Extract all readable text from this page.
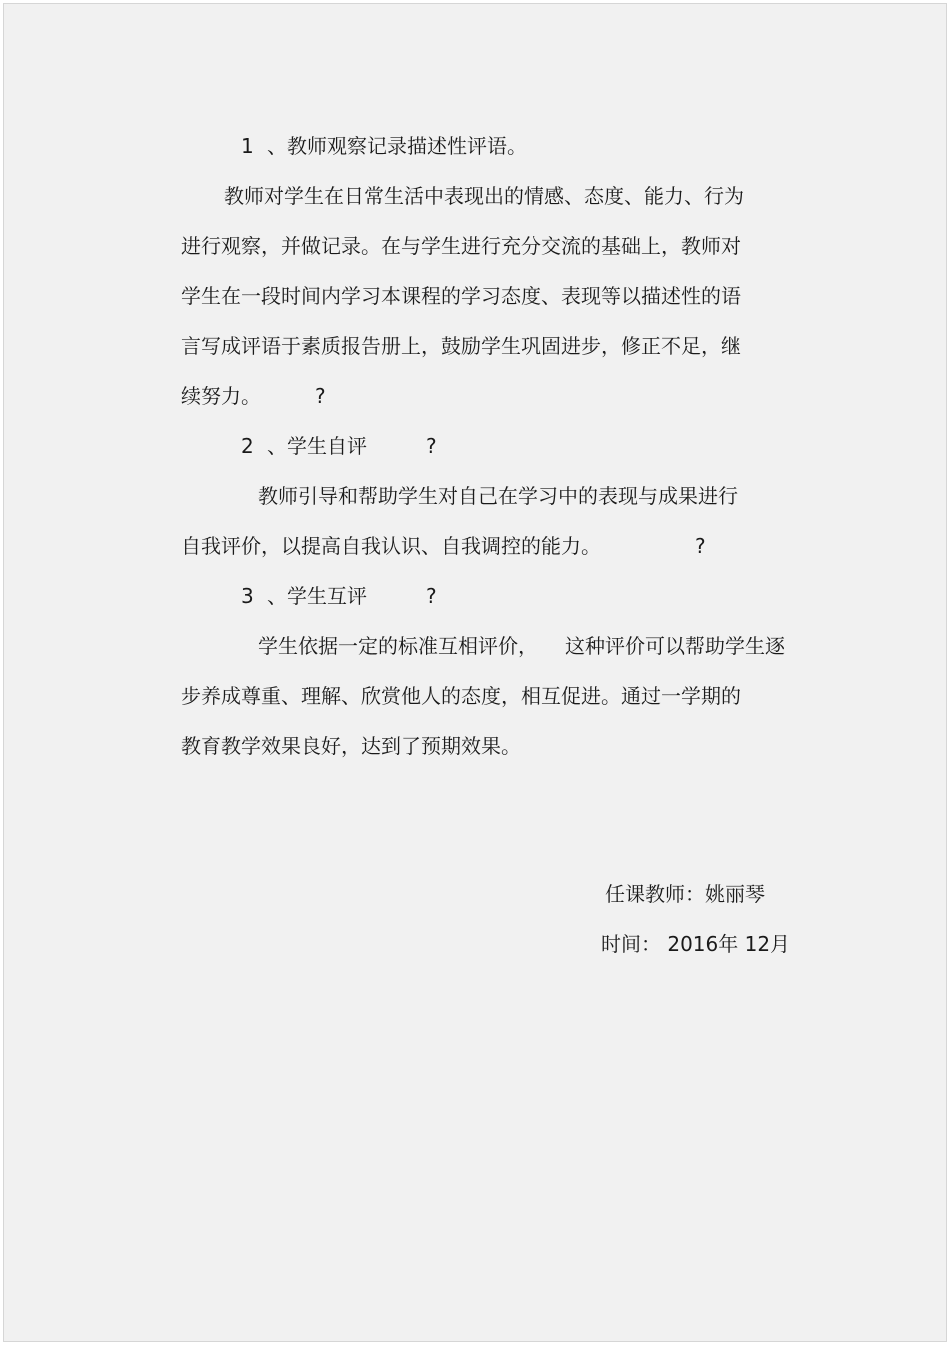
1 、教师观察记录描述性评语。
教师对学生在日常生活中表现出的情感、态度、能力、行为
进行观察，并做记录。在与学生进行充分交流的基础上，教师对
学生在一段时间内学习本课程的学习态度、表现等以描述性的语
言写成评语于素质报告册上，鼓励学生巩固进步，修正不足，继
续努力。	?
2 、学生自评	?
教师引导和帮助学生对自己在学习中的表现与成果进行
自我评价，以提高自我认识、自我调控的能力。	?
3 、学生互评	?
学生依据一定的标准互相评价， 这种评价可以帮助学生逐
步养成尊重、理解、欣赏他人的态度，相互促进。通过一学期的
教育教学效果良好，达到了预期效果。
任课教师：姚丽琴
时间： 2016年 12月
